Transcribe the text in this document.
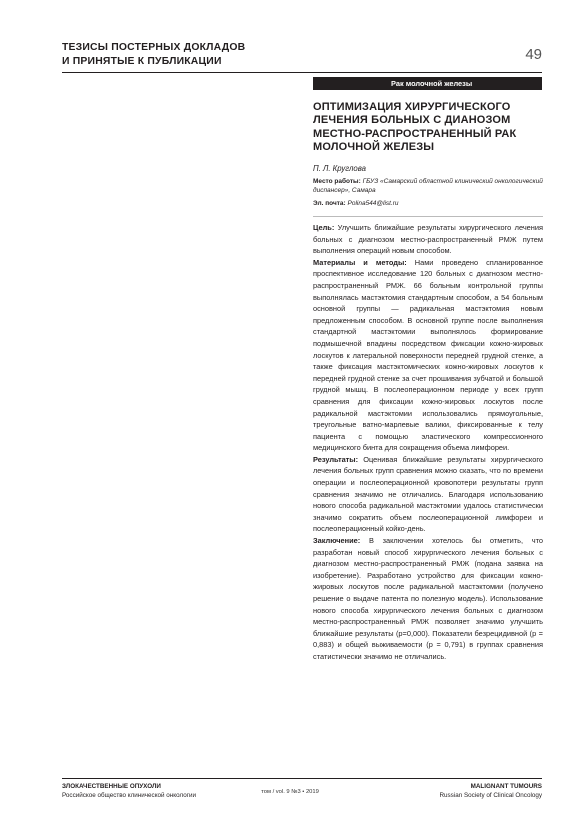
ТЕЗИСЫ ПОСТЕРНЫХ ДОКЛАДОВ
И ПРИНЯТЫЕ К ПУБЛИКАЦИИ	49
Рак молочной железы
ОПТИМИЗАЦИЯ ХИРУРГИЧЕСКОГО
ЛЕЧЕНИЯ БОЛЬНЫХ С ДИАНОЗОМ
МЕСТНО-РАСПРОСТРАНЕННЫЙ РАК
МОЛОЧНОЙ ЖЕЛЕЗЫ
П. Л. Круглова
Место работы: ГБУЗ «Самарский областной клинический онкологический диспансер», Самара
Эл. почта: Polina544@list.ru

Цель: Улучшить ближайшие результаты хирургического лечения больных с диагнозом местно-распространенный РМЖ путем выполнения операций новым способом.

Материалы и методы: Нами проведено спланированное проспективное исследование 120 больных с диагнозом местно-распространенный РМЖ. 66 больным контрольной группы выполнялась мастэктомия стандартным способом, а 54 больным основной группы — радикальная мастэктомия новым предложенным способом. В основной группе после выполнения стандартной мастэктомии выполнялось формирование подмышечной впадины посредством фиксации кожно-жировых лоскутов к латеральной поверхности передней грудной стенке, а также фиксация мастэктомических кожно-жировых лоскутов к передней грудной стенке за счет прошивания зубчатой и большой грудной мышц. В послеоперационном периоде у всех групп сравнения для фиксации кожно-жировых лоскутов после радикальной мастэктомии использовались прямоугольные, треугольные ватно-марлевые валики, фиксированные к телу пациента с помощью эластического компрессионного медицинского бинта для сокращения объема лимфореи.

Результаты: Оценивая ближайшие результаты хирургического лечения больных групп сравнения можно сказать, что по времени операции и послеоперационной кровопотери результаты групп сравнения значимо не отличались. Благодаря использованию нового способа радикальной мастэктомии удалось статистически значимо сократить объем послеоперационной лимфореи и послеоперационный койко-день.

Заключение: В заключении хотелось бы отметить, что разработан новый способ хирургического лечения больных с диагнозом местно-распространенный РМЖ (подана заявка на изобретение). Разработано устройство для фиксации кожно-жировых лоскутов после радикальной мастэктомии (получено решение о выдаче патента по полезную модель). Использование нового способа хирургического лечения больных с диагнозом местно-распространенный РМЖ позволяет значимо улучшить ближайшие результаты (p=0,000). Показатели безрецидивной (p = 0,883) и общей выживаемости (p = 0,791) в группах сравнения статистически значимо не отличались.

ЗЛОКАЧЕСТВЕННЫЕ ОПУХОЛИ
Российское общество клинической онкологии	том / vol. 9 №3 • 2019
MALIGNANT TUMOURS
Russian Society of Clinical Oncology
